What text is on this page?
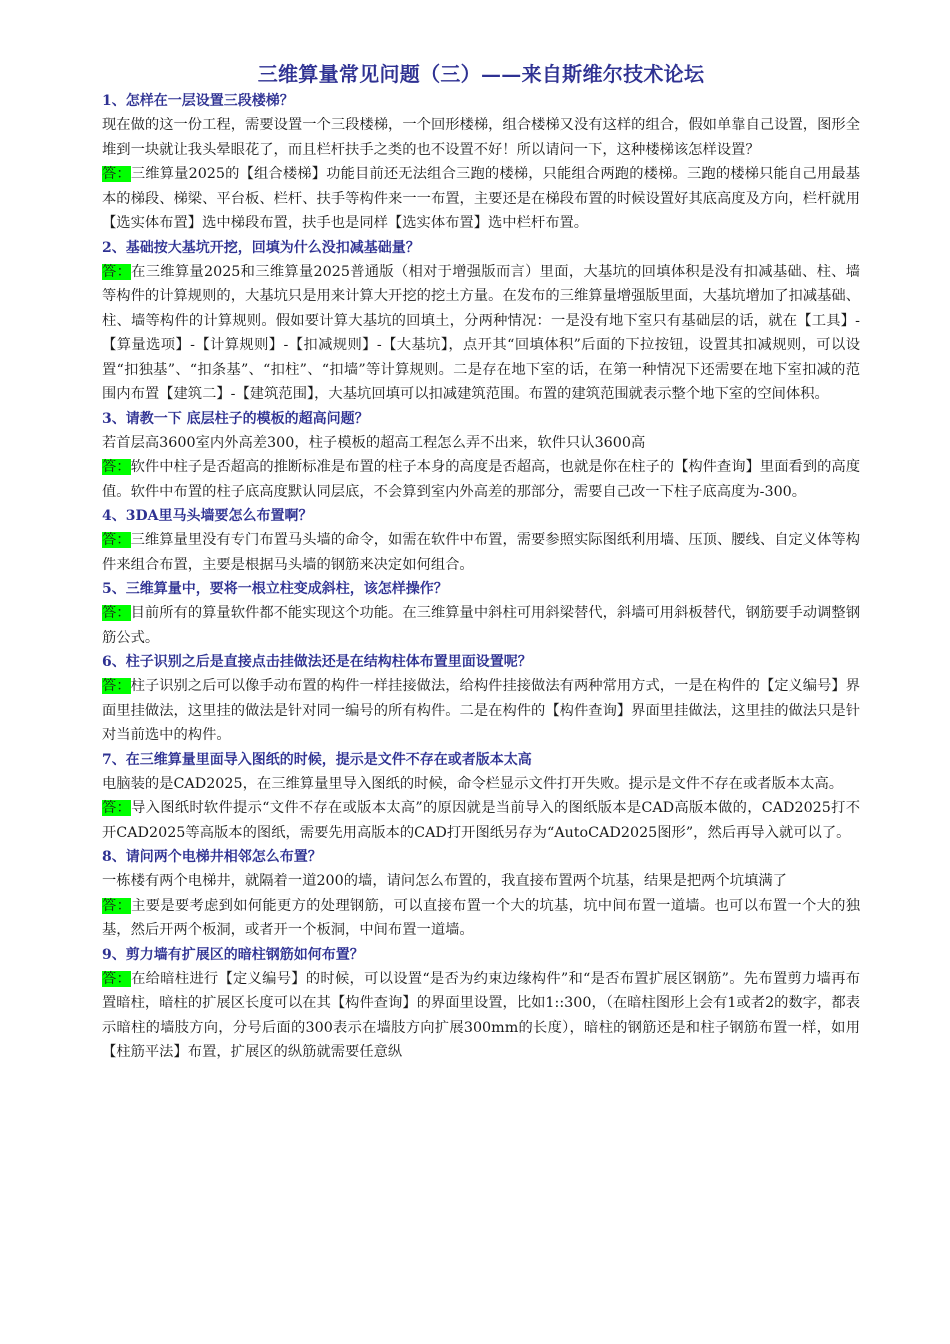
三维算量常见问题（三）——来自斯维尔技术论坛
1、怎样在一层设置三段楼梯？

现在做的这一份工程，需要设置一个三段楼梯，一个回形楼梯，组合楼梯又没有这样的组合，假如单靠自己设置，图形全堆到一块就让我头晕眼花了，而且栏杆扶手之类的也不设置不好！所以请问一下，这种楼梯该怎样设置？

答：三维算量2025的【组合楼梯】功能目前还无法组合三跑的楼梯，只能组合两跑的楼梯。三跑的楼梯只能自己用最基本的梯段、梯梁、平台板、栏杆、扶手等构件来一一布置，主要还是在梯段布置的时候设置好其底高度及方向，栏杆就用【选实体布置】选中梯段布置，扶手也是同样【选实体布置】选中栏杆布置。

2、基础按大基坑开挖，回填为什么没扣减基础量？

答：在三维算量2025和三维算量2025普通版（相对于增强版而言）里面，大基坑的回填体积是没有扣减基础、柱、墙等构件的计算规则的，大基坑只是用来计算大开挖的挖土方量。在发布的三维算量增强版里面，大基坑增加了扣减基础、柱、墙等构件的计算规则。假如要计算大基坑的回填土，分两种情况：一是没有地下室只有基础层的话，就在【工具】-【算量选项】-【计算规则】-【扣减规则】-【大基坑】，点开其“回填体积”后面的下拉按钮，设置其扣减规则，可以设置“扣独基”、“扣条基”、“扣柱”、“扣墙”等计算规则。二是存在地下室的话，在第一种情况下还需要在地下室扣减的范围内布置【建筑二】-【建筑范围】，大基坑回填可以扣减建筑范围。布置的建筑范围就表示整个地下室的空间体积。

3、请教一下 底层柱子的模板的超高问题？

若首层高3600室内外高差300，柱子模板的超高工程怎么弄不出来，软件只认3600高

答：软件中柱子是否超高的推断标准是布置的柱子本身的高度是否超高，也就是你在柱子的【构件查询】里面看到的高度值。软件中布置的柱子底高度默认同层底，不会算到室内外高差的那部分，需要自己改一下柱子底高度为-300。

4、3DA里马头墙要怎么布置啊？

答：三维算量里没有专门布置马头墙的命令，如需在软件中布置，需要参照实际图纸利用墙、压顶、腰线、自定义体等构件来组合布置，主要是根据马头墙的钢筋来决定如何组合。

5、三维算量中，要将一根立柱变成斜柱，该怎样操作？

答：目前所有的算量软件都不能实现这个功能。在三维算量中斜柱可用斜梁替代，斜墙可用斜板替代，钢筋要手动调整钢筋公式。

6、柱子识别之后是直接点击挂做法还是在结构柱体布置里面设置呢？

答：柱子识别之后可以像手动布置的构件一样挂接做法，给构件挂接做法有两种常用方式，一是在构件的【定义编号】界面里挂做法，这里挂的做法是针对同一编号的所有构件。二是在构件的【构件查询】界面里挂做法，这里挂的做法只是针对当前选中的构件。

7、在三维算量里面导入图纸的时候，提示是文件不存在或者版本太高

电脑装的是CAD2025，在三维算量里导入图纸的时候，命令栏显示文件打开失败。提示是文件不存在或者版本太高。

答：导入图纸时软件提示“文件不存在或版本太高”的原因就是当前导入的图纸版本是CAD高版本做的，CAD2025打不开CAD2025等高版本的图纸，需要先用高版本的CAD打开图纸另存为“AutoCAD2025图形”，然后再导入就可以了。

8、请问两个电梯井相邻怎么布置？

一栋楼有两个电梯井，就隔着一道200的墙，请问怎么布置的，我直接布置两个坑基，结果是把两个坑填满了

答：主要是要考虑到如何能更方的处理钢筋，可以直接布置一个大的坑基，坑中间布置一道墙。也可以布置一个大的独基，然后开两个板洞，或者开一个板洞，中间布置一道墙。

9、剪力墙有扩展区的暗柱钢筋如何布置？

答：在给暗柱进行【定义编号】的时候，可以设置“是否为约束边缘构件”和“是否布置扩展区钢筋”。先布置剪力墙再布置暗柱，暗柱的扩展区长度可以在其【构件查询】的界面里设置，比如1::300，（在暗柱图形上会有1或者2的数字，都表示暗柱的墙肢方向，分号后面的300表示在墙肢方向扩展300mm的长度），暗柱的钢筋还是和柱子钢筋布置一样，如用【柱筋平法】布置，扩展区的纵筋就需要任意纵
